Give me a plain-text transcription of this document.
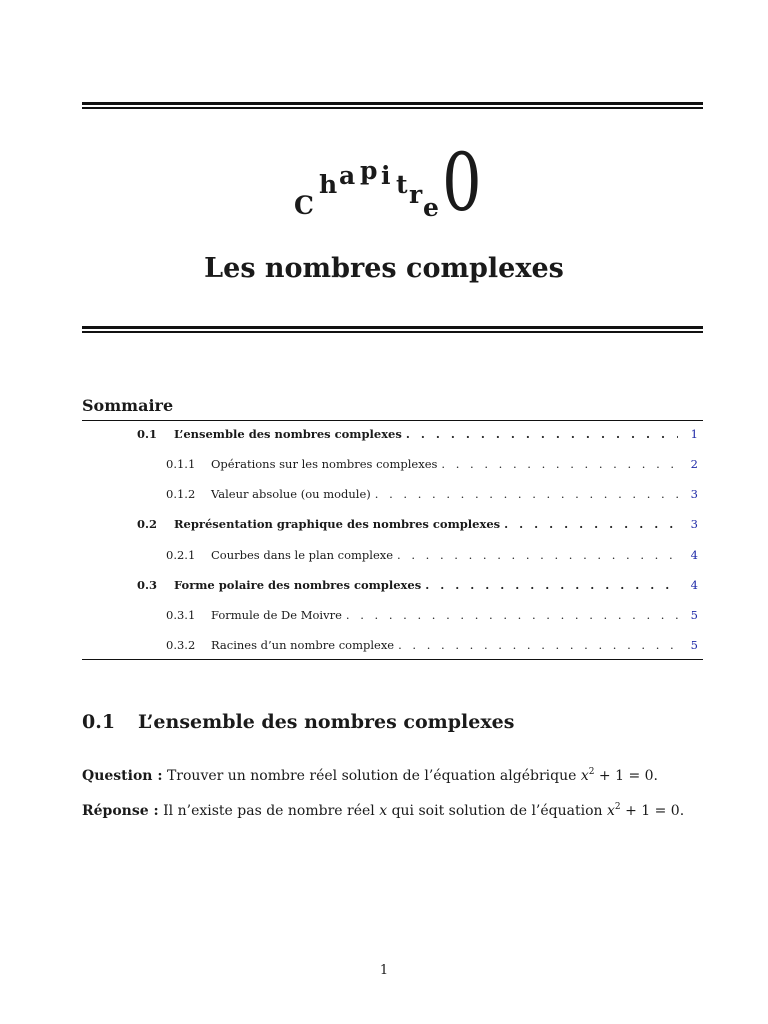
C
h a p i t r e 0
Les nombres complexes
Sommaire
0.1	L’ensemble des nombres complexes . . .	1
0.1.1	Opérations sur les nombres complexes . . .	2
0.1.2	Valeur absolue (ou module) . . .	3
0.2	Représentation graphique des nombres complexes . . .	3
0.2.1	Courbes dans le plan complexe . . .	4
0.3	Forme polaire des nombres complexes . . .	4
0.3.1	Formule de De Moivre . . .	5
0.3.2	Racines d’un nombre complexe . . .	5
0.1 L’ensemble des nombres complexes
Question : Trouver un nombre réel solution de l’équation algébrique $x^2 + 1 = 0$.
Réponse : Il n’existe pas de nombre réel x qui soit solution de l’équation $x^2 + 1 = 0$.
1
